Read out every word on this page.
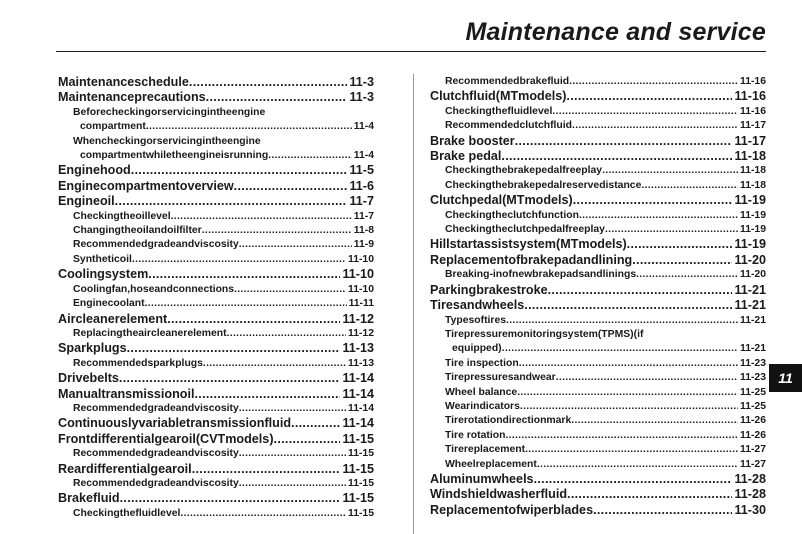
Maintenance and service
Maintenanceschedule .....	11-3
Maintenanceprecautions .....	11-3
Beforecheckingorservicingintheengine
compartment .....	11-4
Whencheckingorservicingintheengine
compartmentwhiletheengineisrunning .....	11-4
Enginehood .....	11-5
Enginecompartmentoverview .....	11-6
Engineoil .....	11-7
Checkingtheoillevel .....	11-7
Changingtheoilandoilfilter .....	11-8
Recommendedgradeandviscosity .....	11-9
Syntheticoil .....	11-10
Coolingsystem .....	11-10
Coolingfan,hoseandconnections .....	11-10
Enginecoolant .....	11-11
Aircleanerelement .....	11-12
Replacingtheaircleanerelement .....	11-12
Sparkplugs .....	11-13
Recommendedsparkplugs .....	11-13
Drivebelts .....	11-14
Manualtransmissionoil .....	11-14
Recommendedgradeandviscosity .....	11-14
Continuouslyvariabletransmissionfluid .....	11-14
Frontdifferentialgearoil(CVTmodels) .....	11-15
Recommendedgradeandviscosity .....	11-15
Reardifferentialgearoil .....	11-15
Recommendedgradeandviscosity .....	11-15
Brakefluid .....	11-15
Checkingthefluidlevel .....	11-15
Recommendedbrakefluid .....	11-16
Clutchfluid(MTmodels) .....	11-16
Checkingthefluidlevel .....	11-16
Recommendedclutchfluid .....	11-17
Brake booster .....	11-17
Brake pedal .....	11-18
Checkingthebrakepedalfreeplay .....	11-18
Checkingthebrakepedalreservedistance .....	11-18
Clutchpedal(MTmodels) .....	11-19
Checkingtheclutchfunction .....	11-19
Checkingtheclutchpedalfreeplay .....	11-19
Hillstartassistsystem(MTmodels) .....	11-19
Replacementofbrakepadandlining .....	11-20
Breaking-inofnewbrakepadsandlinings .....	11-20
Parkingbrakestroke .....	11-21
Tiresandwheels .....	11-21
Typesoftires .....	11-21
Tirepressuremonitoringsystem(TPMS)(if
equipped) .....	11-21
Tire inspection .....	11-23
Tirepressuresandwear .....	11-23
Wheel balance .....	11-25
Wearindicators .....	11-25
Tirerotationdirectionmark .....	11-26
Tire rotation .....	11-26
Tirereplacement .....	11-27
Wheelreplacement .....	11-27
Aluminumwheels .....	11-28
Windshieldwasherfluid .....	11-28
Replacementofwiperblades .....	11-30
11
